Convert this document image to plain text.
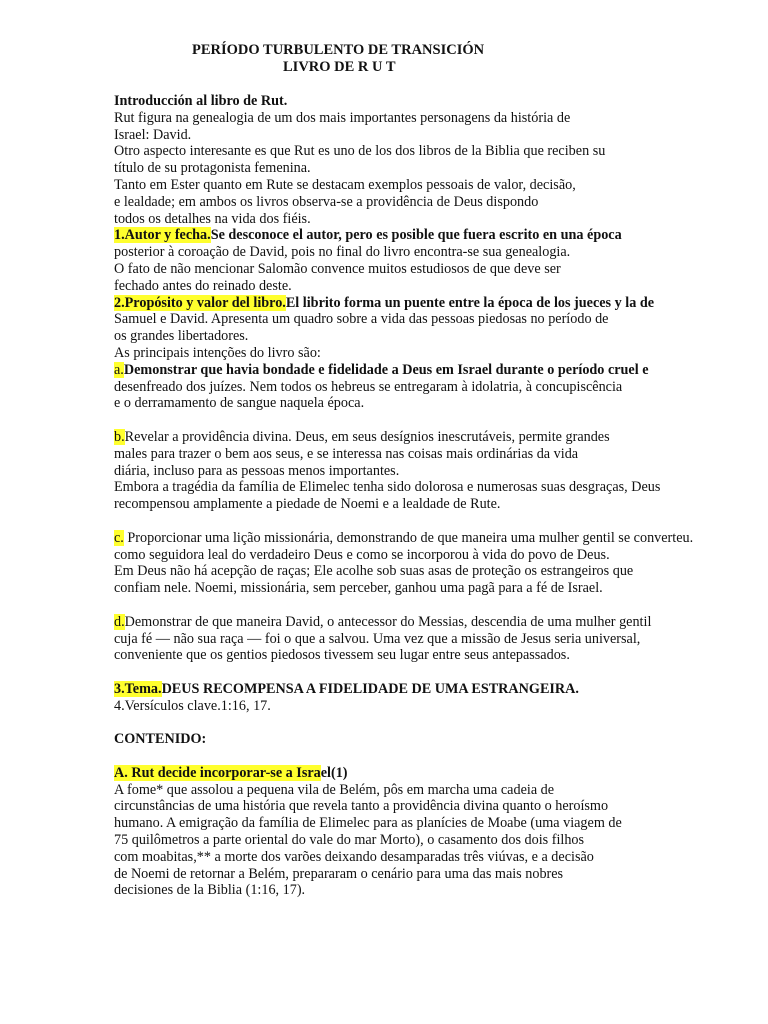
PERÍODO TURBULENTO DE TRANSICIÓN
LIVRO DE R U T
Introducción al libro de Rut.
Rut figura na genealogia de um dos mais importantes personagens da história de
Israel: David.
Otro aspecto interesante es que Rut es uno de los dos libros de la Biblia que reciben su
título de su protagonista femenina.
Tanto em Ester quanto em Rute se destacam exemplos pessoais de valor, decisão,
e lealdade; em ambos os livros observa-se a providência de Deus dispondo
todos os detalhes na vida dos fiéis.
1.Autor y fecha.Se desconoce el autor, pero es posible que fuera escrito en una época
posterior à coroação de David, pois no final do livro encontra-se sua genealogia.
O fato de não mencionar Salomão convence muitos estudiosos de que deve ser
fechado antes do reinado deste.
2.Propósito y valor del libro.El librito forma un puente entre la época de los jueces y la de
Samuel e David. Apresenta um quadro sobre a vida das pessoas piedosas no período de
os grandes libertadores.
As principais intenções do livro são:
a.Demonstrar que havia bondade e fidelidade a Deus em Israel durante o período cruel e
desenfreado dos juízes. Nem todos os hebreus se entregaram à idolatria, à concupiscência
e o derramamento de sangue naquela época.
b.Revelar a providência divina. Deus, em seus desígnios inescrutáveis, permite grandes
males para trazer o bem aos seus, e se interessa nas coisas mais ordinárias da vida
diária, incluso para as pessoas menos importantes.
Embora a tragédia da família de Elimelec tenha sido dolorosa e numerosas suas desgraças, Deus
recompensou amplamente a piedade de Noemi e a lealdade de Rute.
c. Proporcionar uma lição missionária, demonstrando de que maneira uma mulher gentil se converteu.
como seguidora leal do verdadeiro Deus e como se incorporou à vida do povo de Deus.
Em Deus não há acepção de raças; Ele acolhe sob suas asas de proteção os estrangeiros que
confiam nele. Noemi, missionária, sem perceber, ganhou uma pagã para a fé de Israel.
d.Demonstrar de que maneira David, o antecessor do Messias, descendia de uma mulher gentil
cuja fé — não sua raça — foi o que a salvou. Uma vez que a missão de Jesus seria universal,
conveniente que os gentios piedosos tivessem seu lugar entre seus antepassados.
3.Tema.DEUS RECOMPENSA A FIDELIDADE DE UMA ESTRANGEIRA.
4.Versículos clave.1:16, 17.
CONTENIDO:
A. Rut decide incorporar-se a Israel(1)
A fome* que assolou a pequena vila de Belém, pôs em marcha uma cadeia de
circunstâncias de uma história que revela tanto a providência divina quanto o heroísmo
humano. A emigração da família de Elimelec para as planícies de Moabe (uma viagem de
75 quilômetros a parte oriental do vale do mar Morto), o casamento dos dois filhos
com moabitas,** a morte dos varões deixando desamparadas três viúvas, e a decisão
de Noemi de retornar a Belém, prepararam o cenário para uma das mais nobres
decisiones de la Biblia (1:16, 17).
